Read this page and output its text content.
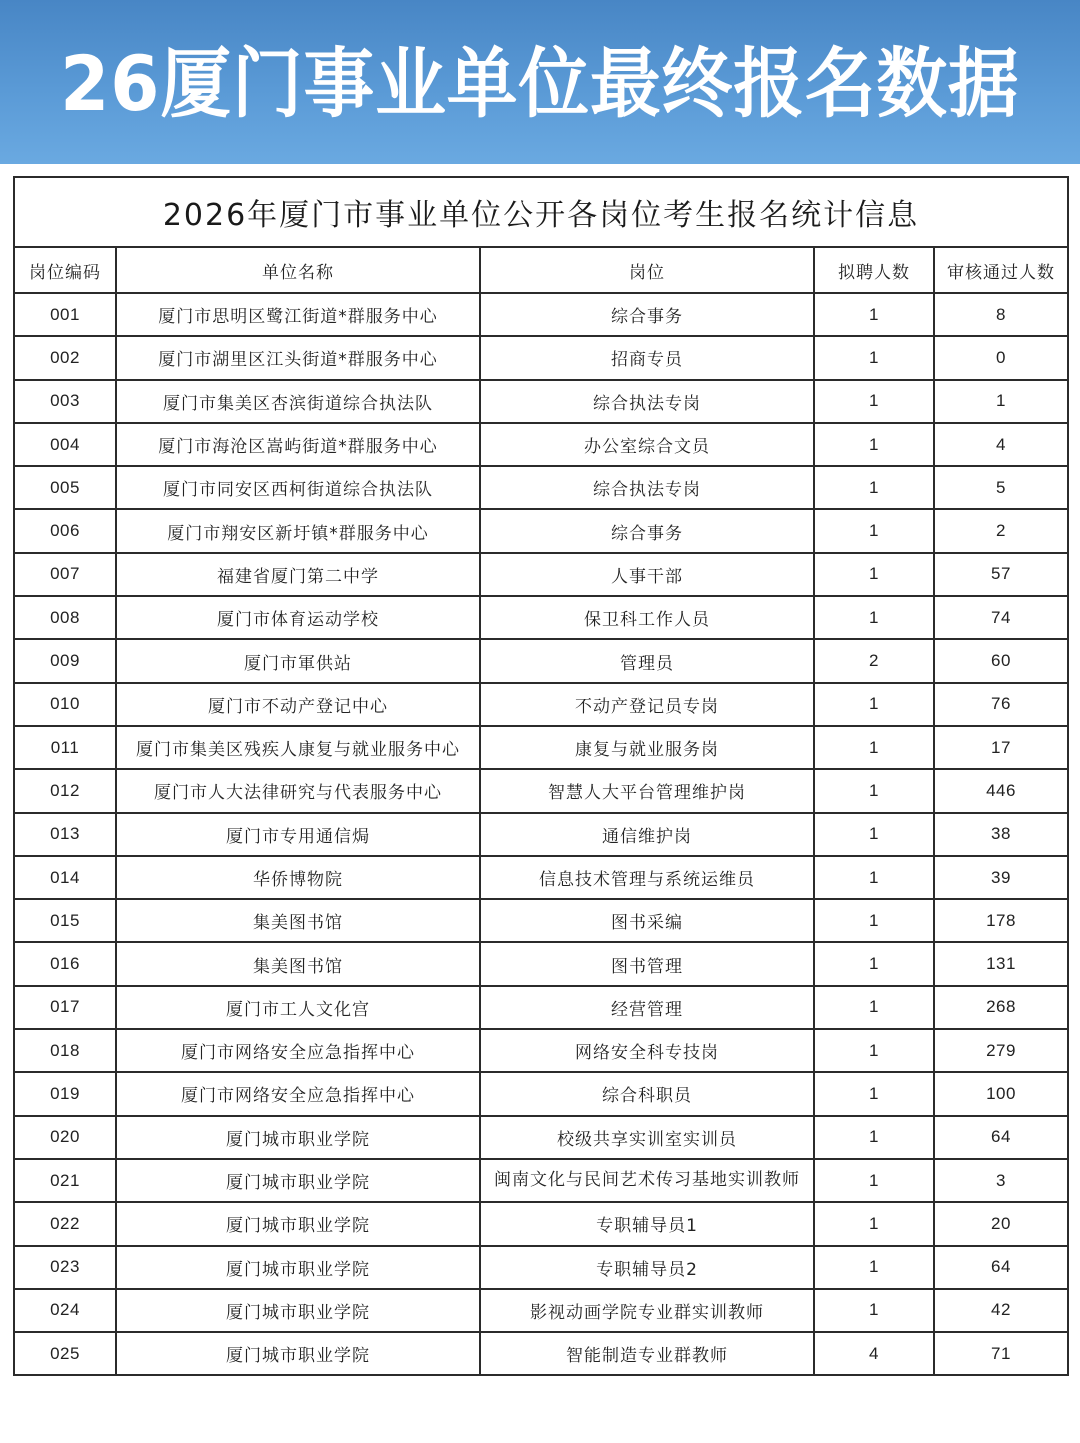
26厦门事业单位最终报名数据
2026年厦门市事业单位公开各岗位考生报名统计信息				
岗位编码	单位名称	岗位	拟聘人数	审核通过人数
001	厦门市思明区鹭江街道*群服务中心	综合事务	1	8
002	厦门市湖里区江头街道*群服务中心	招商专员	1	0
003	厦门市集美区杏滨街道综合执法队	综合执法专岗	1	1
004	厦门市海沧区嵩屿街道*群服务中心	办公室综合文员	1	4
005	厦门市同安区西柯街道综合执法队	综合执法专岗	1	5
006	厦门市翔安区新圩镇*群服务中心	综合事务	1	2
007	福建省厦门第二中学	人事干部	1	57
008	厦门市体育运动学校	保卫科工作人员	1	74
009	厦门市軍供站	管理员	2	60
010	厦门市不动产登记中心	不动产登记员专岗	1	76
011	厦门市集美区残疾人康复与就业服务中心	康复与就业服务岗	1	17
012	厦门市人大法律研究与代表服务中心	智慧人大平台管理维护岗	1	446
013	厦门市专用通信焗	通信维护岗	1	38
014	华侨博物院	信息技术管理与系统运维员	1	39
015	集美图书馆	图书采编	1	178
016	集美图书馆	图书管理	1	131
017	厦门市工人文化宫	经营管理	1	268
018	厦门市网络安全应急指挥中心	网络安全科专技岗	1	279
019	厦门市网络安全应急指挥中心	综合科职员	1	100
020	厦门城市职业学院	校级共享实训室实训员	1	64
021	厦门城市职业学院	闽南文化与民间艺术传习基地实训教师	1	3
022	厦门城市职业学院	专职辅导员1	1	20
023	厦门城市职业学院	专职辅导员2	1	64
024	厦门城市职业学院	影视动画学院专业群实训教师	1	42
025	厦门城市职业学院	智能制造专业群教师	4	71
